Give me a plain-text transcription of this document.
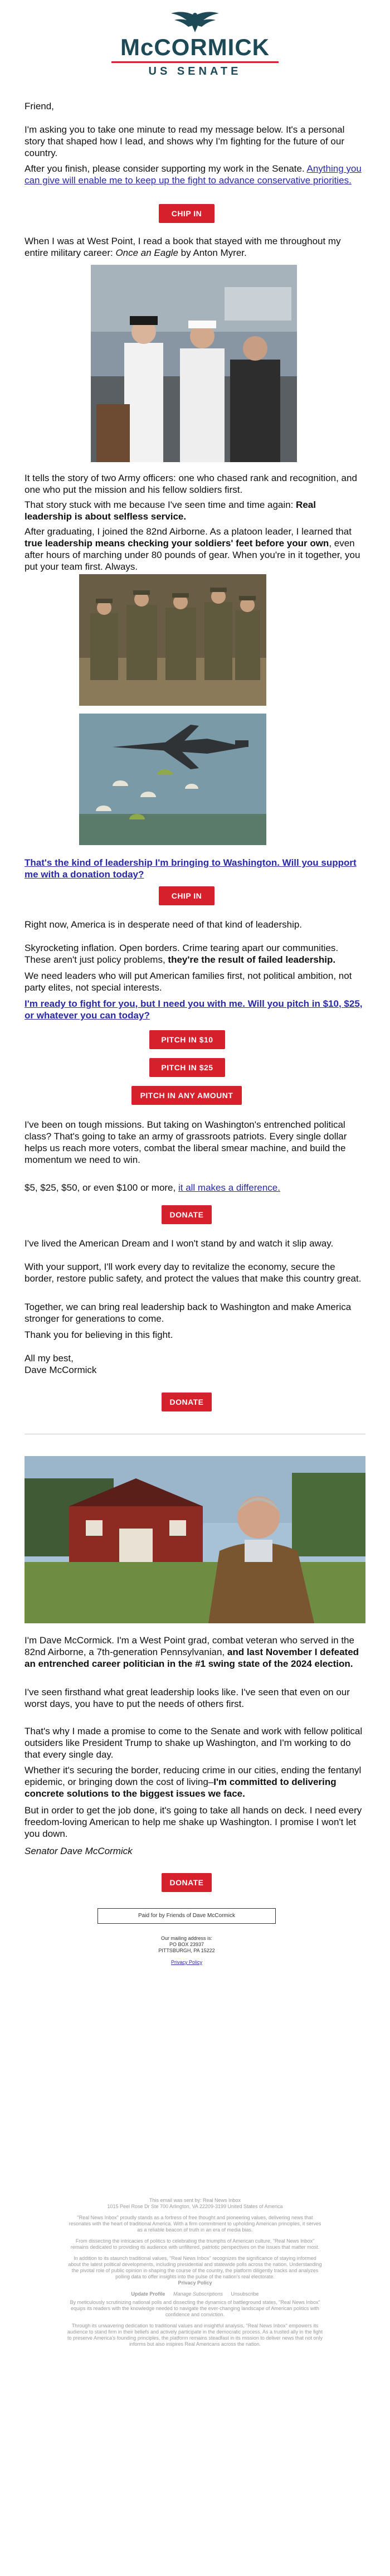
McCORMICK
US SENATE

Friend,

I'm asking you to take one minute to read my message below. It's a personal story that shaped how I lead, and shows why I'm fighting for the future of our country.

After you finish, please consider supporting my work in the Senate. Anything you can give will enable me to keep up the fight to advance conservative priorities.

CHIP IN

When I was at West Point, I read a book that stayed with me throughout my entire military career: Once an Eagle by Anton Myrer.

It tells the story of two Army officers: one who chased rank and recognition, and one who put the mission and his fellow soldiers first.

That story stuck with me because I've seen time and time again: Real leadership is about selfless service.

After graduating, I joined the 82nd Airborne. As a platoon leader, I learned that true leadership means checking your soldiers' feet before your own, even after hours of marching under 80 pounds of gear. When you're in it together, you put your team first. Always.

That's the kind of leadership I'm bringing to Washington. Will you support me with a donation today?

CHIP IN

Right now, America is in desperate need of that kind of leadership.

Skyrocketing inflation. Open borders. Crime tearing apart our communities. These aren't just policy problems, they're the result of failed leadership.

We need leaders who will put American families first, not political ambition, not party elites, not special interests.

I'm ready to fight for you, but I need you with me. Will you pitch in $10, $25, or whatever you can today?

PITCH IN $10
PITCH IN $25
PITCH IN ANY AMOUNT

I've been on tough missions. But taking on Washington's entrenched political class? That's going to take an army of grassroots patriots. Every single dollar helps us reach more voters, combat the liberal smear machine, and build the momentum we need to win.

$5, $25, $50, or even $100 or more, it all makes a difference.

DONATE

I've lived the American Dream and I won't stand by and watch it slip away.

With your support, I'll work every day to revitalize the economy, secure the border, restore public safety, and protect the values that make this country great.

Together, we can bring real leadership back to Washington and make America stronger for generations to come.

Thank you for believing in this fight.

All my best,

Dave McCormick

DONATE

I'm Dave McCormick. I'm a West Point grad, combat veteran who served in the 82nd Airborne, a 7th-generation Pennsylvanian, and last November I defeated an entrenched career politician in the #1 swing state of the 2024 election.

I've seen firsthand what great leadership looks like. I've seen that even on our worst days, you have to put the needs of others first.

That's why I made a promise to come to the Senate and work with fellow political outsiders like President Trump to shake up Washington, and I'm working to do that every single day.

Whether it's securing the border, reducing crime in our cities, ending the fentanyl epidemic, or bringing down the cost of living–I'm committed to delivering concrete solutions to the biggest issues we face.

But in order to get the job done, it's going to take all hands on deck. I need every freedom-loving American to help me shake up Washington. I promise I won't let you down.

Senator Dave McCormick

DONATE
Paid for by Friends of Dave McCormick
Our mailing address is:
PO BOX 23937
PITTSBURGH, PA 15222
Privacy Policy

This email was sent by: Real News Inbox

1015 Peel Rose Dr Ste 700 Arlington, VA 22209-3199 United States of America

"Real News Inbox" proudly stands as a fortress of free thought and pioneering values, delivering news that resonates with the heart of traditional America. With a firm commitment to upholding American principles, it serves as a reliable beacon of truth in an era of media bias.

From dissecting the intricacies of politics to celebrating the triumphs of American culture, "Real News Inbox" remains dedicated to providing its audience with unfiltered, patriotic perspectives on the issues that matter most.

In addition to its staunch traditional values, "Real News Inbox" recognizes the significance of staying informed about the latest political developments, including presidential and statewide polls across the nation. Understanding the pivotal role of public opinion in shaping the course of the country, the platform diligently tracks and analyzes polling data to offer insights into the pulse of the nation's real electorate.

Privacy Policy

Update Profile Manage Subscriptions Unsubscribe

By meticulously scrutinizing national polls and dissecting the dynamics of battleground states, "Real News Inbox" equips its readers with the knowledge needed to navigate the ever-changing landscape of American politics with confidence and conviction.

Through its unwavering dedication to traditional values and insightful analysis, "Real News Inbox" empowers its audience to stand firm in their beliefs and actively participate in the democratic process. As a trusted ally in the fight to preserve America's founding principles, the platform remains steadfast in its mission to deliver news that not only informs but also inspires Real Americans across the nation.
